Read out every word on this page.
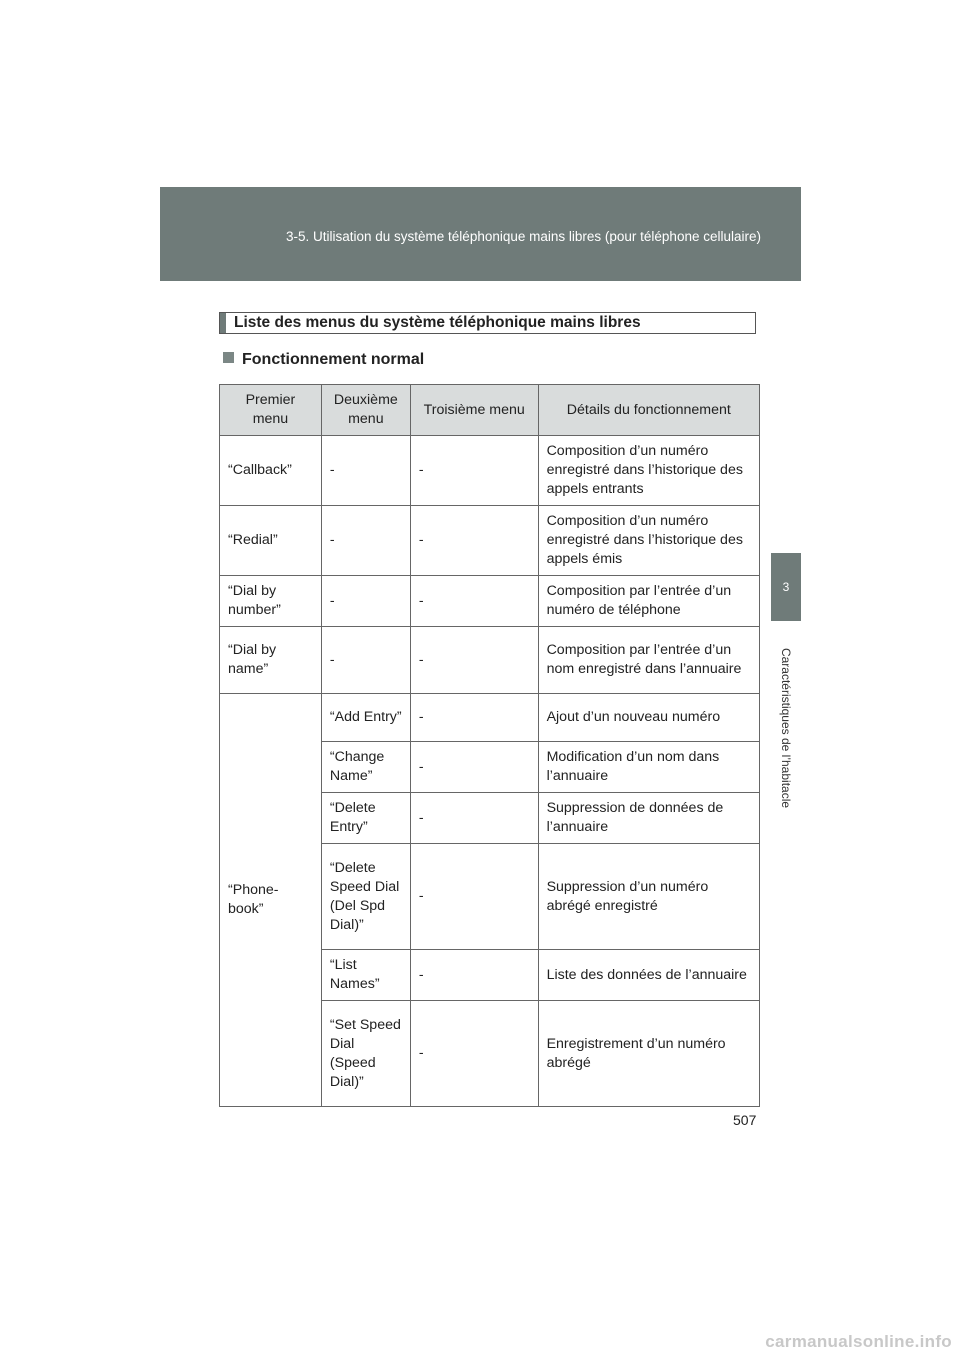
3-5. Utilisation du système téléphonique mains libres (pour téléphone cellulaire)
3
Caractéristiques de l’habitacle
Liste des menus du système téléphonique mains libres
Fonctionnement normal
Premier menu	Deuxième menu	Troisième menu	Détails du fonctionnement
“Callback”	-	-	Composition d’un numéro enregistré dans l’historique des appels entrants
“Redial”	-	-	Composition d’un numéro enregistré dans l’historique des appels émis
“Dial by number”	-	-	Composition par l’entrée d’un numéro de téléphone
“Dial by name”	-	-	Composition par l’entrée d’un nom enregistré dans l’annuaire
“Phone-book”	“Add Entry”	-	Ajout d’un nouveau numéro
	“Change Name”	-	Modification d’un nom dans l’annuaire
	“Delete Entry”	-	Suppression de données de l’annuaire
	“Delete Speed Dial (Del Spd Dial)”	-	Suppression d’un numéro abrégé enregistré
	“List Names”	-	Liste des données de l’annuaire
	“Set Speed Dial (Speed Dial)”	-	Enregistrement d’un numéro abrégé
507
carmanualsonline.info
